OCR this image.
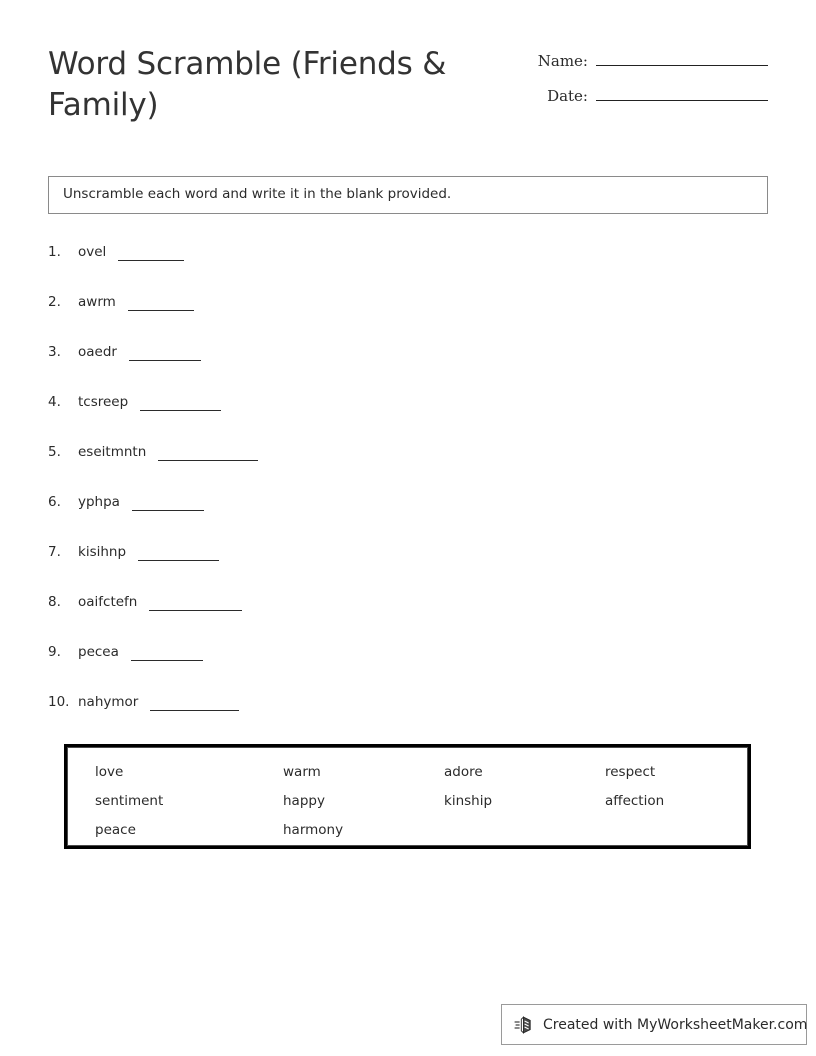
Word Scramble (Friends & Family)
Name:
Date:
Unscramble each word and write it in the blank provided.
1.	ovel
2.	awrm
3.	oaedr
4.	tcsreep
5.	eseitmntn
6.	yphpa
7.	kisihnp
8.	oaifctefn
9.	pecea
10. nahymor
love	warm	adore	respect
sentiment	happy	kinship	affection
peace	harmony
Created with MyWorksheetMaker.com
